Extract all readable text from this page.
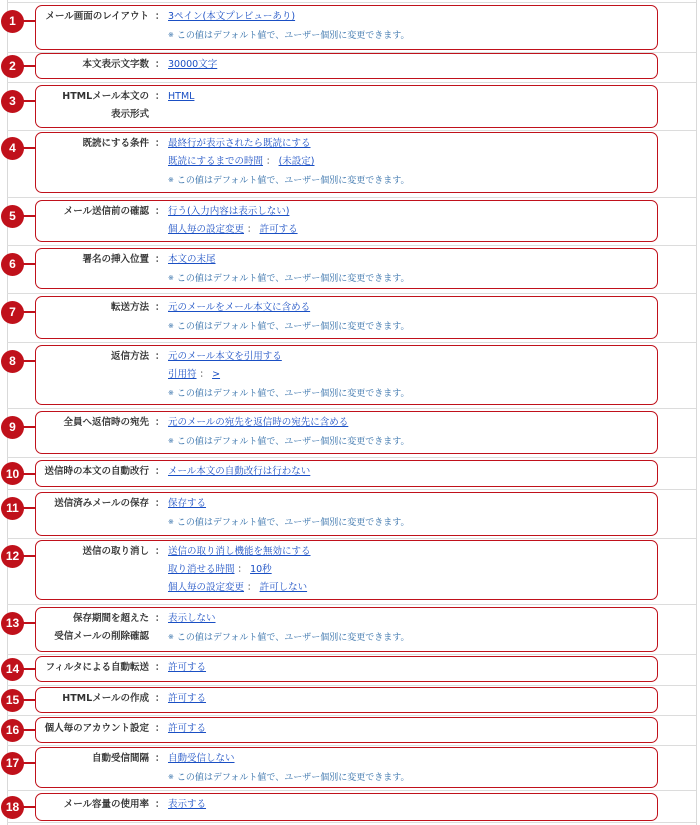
1	メール画面のレイアウト ： 3ペイン(本文プレビューあり)
※ この値はデフォルト値で、ユーザー個別に変更できます。
2	本文表示文字数 ： 30000文字
3	HTMLメール本文の
表示形式
： HTML
4	既読にする条件 ： 最終行が表示されたら既読にする
既読にするまでの時間 ： (未設定)
※ この値はデフォルト値で、ユーザー個別に変更できます。
5	メール送信前の確認 ： 行う(入力内容は表示しない)
個人毎の設定変更 ： 許可する
6	署名の挿入位置 ： 本文の末尾
※ この値はデフォルト値で、ユーザー個別に変更できます。
7	転送方法 ： 元のメールをメール本文に含める
※ この値はデフォルト値で、ユーザー個別に変更できます。
8	返信方法 ： 元のメール本文を引用する
引用符 ： >
※ この値はデフォルト値で、ユーザー個別に変更できます。
9	全員へ返信時の宛先 ： 元のメールの宛先を返信時の宛先に含める
※ この値はデフォルト値で、ユーザー個別に変更できます。
10	送信時の本文の自動改行 ： メール本文の自動改行は行わない
11	送信済みメールの保存 ： 保存する
※ この値はデフォルト値で、ユーザー個別に変更できます。
12	送信の取り消し ： 送信の取り消し機能を無効にする
取り消せる時間 ： 10秒
個人毎の設定変更 ： 許可しない
13	保存期間を超えた
受信メールの削除確認
： 表示しない
※ この値はデフォルト値で、ユーザー個別に変更できます。
14	フィルタによる自動転送 ： 許可する
15	HTMLメールの作成 ： 許可する
16	個人毎のアカウント設定 ： 許可する
17	自動受信間隔 ： 自動受信しない
※ この値はデフォルト値で、ユーザー個別に変更できます。
18	メール容量の使用率 ： 表示する
